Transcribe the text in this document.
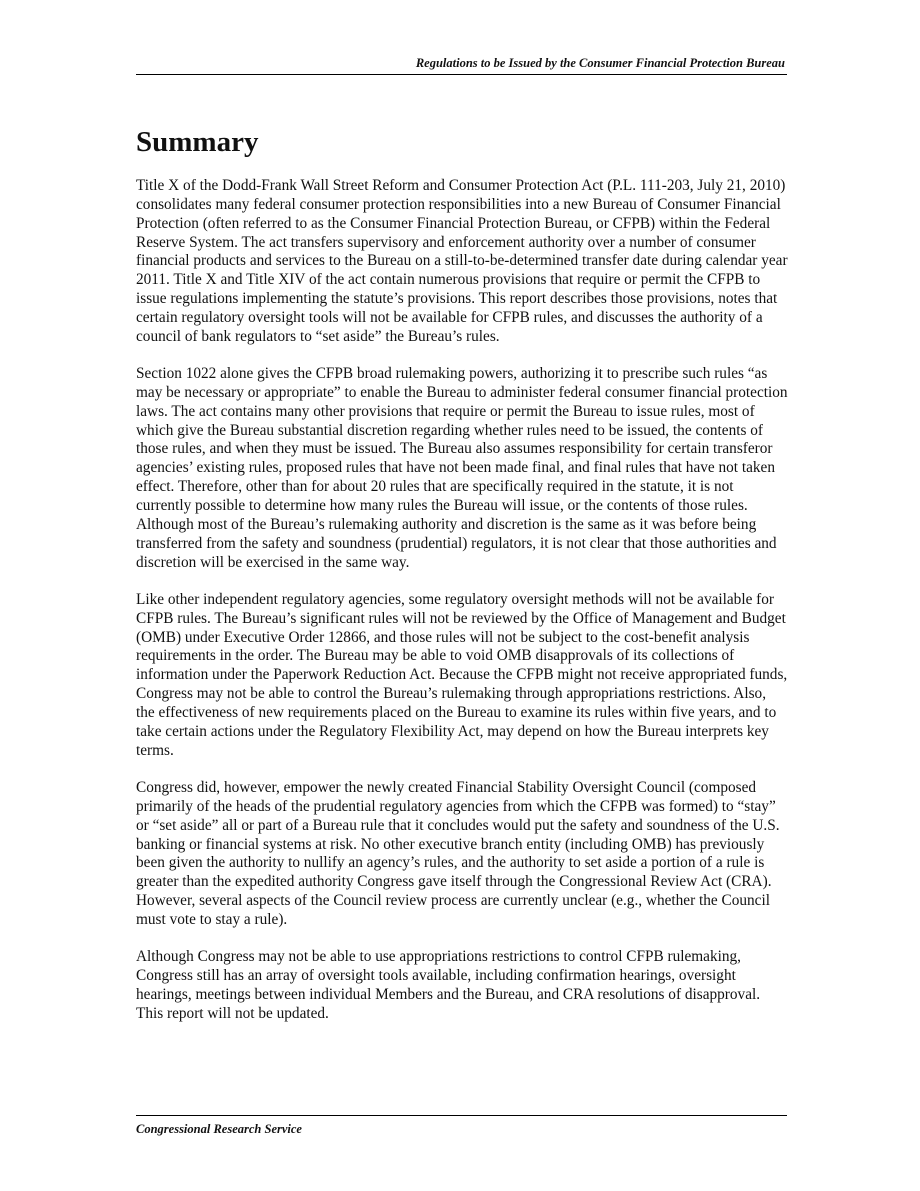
Regulations to be Issued by the Consumer Financial Protection Bureau
Summary

Title X of the Dodd-Frank Wall Street Reform and Consumer Protection Act (P.L. 111-203, July 21, 2010) consolidates many federal consumer protection responsibilities into a new Bureau of Consumer Financial Protection (often referred to as the Consumer Financial Protection Bureau, or CFPB) within the Federal Reserve System. The act transfers supervisory and enforcement authority over a number of consumer financial products and services to the Bureau on a still-to-be-determined transfer date during calendar year 2011. Title X and Title XIV of the act contain numerous provisions that require or permit the CFPB to issue regulations implementing the statute’s provisions. This report describes those provisions, notes that certain regulatory oversight tools will not be available for CFPB rules, and discusses the authority of a council of bank regulators to “set aside” the Bureau’s rules.

Section 1022 alone gives the CFPB broad rulemaking powers, authorizing it to prescribe such rules “as may be necessary or appropriate” to enable the Bureau to administer federal consumer financial protection laws. The act contains many other provisions that require or permit the Bureau to issue rules, most of which give the Bureau substantial discretion regarding whether rules need to be issued, the contents of those rules, and when they must be issued. The Bureau also assumes responsibility for certain transferor agencies’ existing rules, proposed rules that have not been made final, and final rules that have not taken effect. Therefore, other than for about 20 rules that are specifically required in the statute, it is not currently possible to determine how many rules the Bureau will issue, or the contents of those rules. Although most of the Bureau’s rulemaking authority and discretion is the same as it was before being transferred from the safety and soundness (prudential) regulators, it is not clear that those authorities and discretion will be exercised in the same way.

Like other independent regulatory agencies, some regulatory oversight methods will not be available for CFPB rules. The Bureau’s significant rules will not be reviewed by the Office of Management and Budget (OMB) under Executive Order 12866, and those rules will not be subject to the cost-benefit analysis requirements in the order. The Bureau may be able to void OMB disapprovals of its collections of information under the Paperwork Reduction Act. Because the CFPB might not receive appropriated funds, Congress may not be able to control the Bureau’s rulemaking through appropriations restrictions. Also, the effectiveness of new requirements placed on the Bureau to examine its rules within five years, and to take certain actions under the Regulatory Flexibility Act, may depend on how the Bureau interprets key terms.

Congress did, however, empower the newly created Financial Stability Oversight Council (composed primarily of the heads of the prudential regulatory agencies from which the CFPB was formed) to “stay” or “set aside” all or part of a Bureau rule that it concludes would put the safety and soundness of the U.S. banking or financial systems at risk. No other executive branch entity (including OMB) has previously been given the authority to nullify an agency’s rules, and the authority to set aside a portion of a rule is greater than the expedited authority Congress gave itself through the Congressional Review Act (CRA). However, several aspects of the Council review process are currently unclear (e.g., whether the Council must vote to stay a rule).

Although Congress may not be able to use appropriations restrictions to control CFPB rulemaking, Congress still has an array of oversight tools available, including confirmation hearings, oversight hearings, meetings between individual Members and the Bureau, and CRA resolutions of disapproval. This report will not be updated.

Congressional Research Service
